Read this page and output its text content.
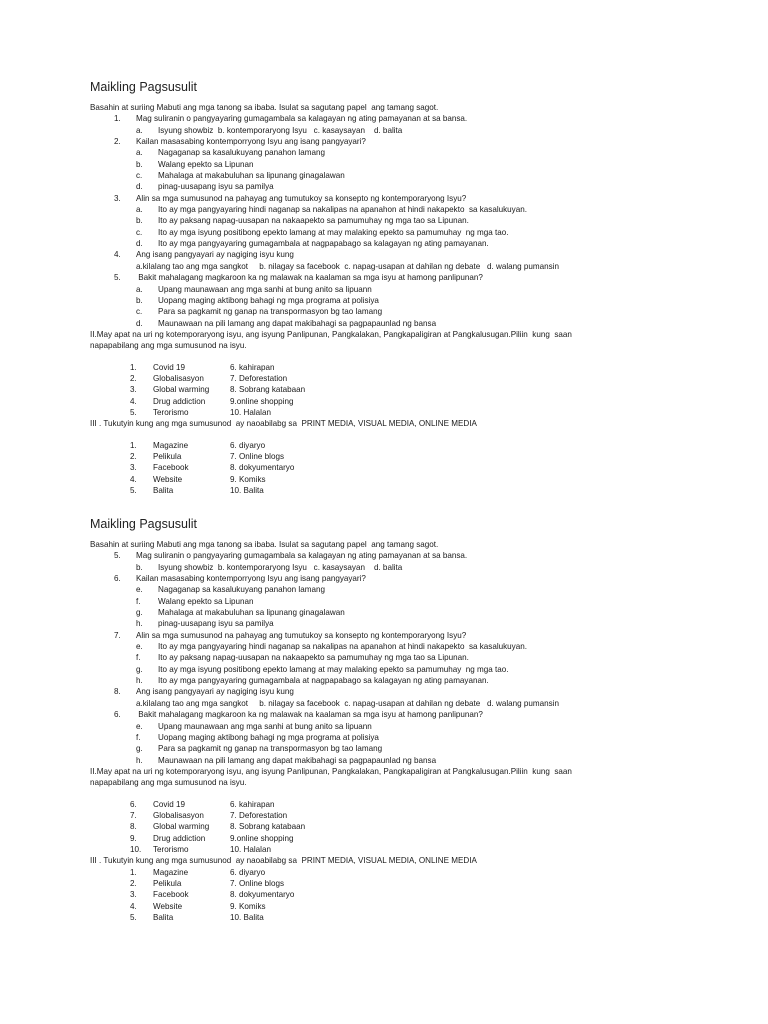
Maikling Pagsusulit
Basahin at suriing Mabuti ang mga tanong sa ibaba. Isulat sa sagutang papel  ang tamang sagot.
1. Mag suliranin o pangyayaring gumagambala sa kalagayan ng ating pamayanan at sa bansa.
a. Isyung showbiz  b. kontemporaryong Isyu   c. kasaysayan    d. balita
2. Kailan masasabing kontemporryong Isyu ang isang pangyayari?
a. Nagaganap sa kasalukuyang panahon lamang
b. Walang epekto sa Lipunan
c. Mahalaga at makabuluhan sa lipunang ginagalawan
d. pinag-uusapang isyu sa pamilya
3. Alin sa mga sumusunod na pahayag ang tumutukoy sa konsepto ng kontemporaryong Isyu?
a. Ito ay mga pangyayaring hindi naganap sa nakalipas na apanahon at hindi nakapekto  sa kasalukuyan.
b. Ito ay paksang napag-uusapan na nakaapekto sa pamumuhay ng mga tao sa Lipunan.
c. Ito ay mga isyung positibong epekto lamang at may malaking epekto sa pamumuhay  ng mga tao.
d. Ito ay mga pangyayaring gumagambala at nagpapabago sa kalagayan ng ating pamayanan.
4. Ang isang pangyayari ay nagiging isyu kung
a.kilalang tao ang mga sangkot     b. nilagay sa facebook  c. napag-usapan at dahilan ng debate   d. walang pumansin
5. Bakit mahalagang magkaroon ka ng malawak na kaalaman sa mga isyu at hamong panlipunan?
a. Upang maunawaan ang mga sanhi at bung anito sa lipuann
b. Uopang maging aktibong bahagi ng mga programa at polisiya
c. Para sa pagkamit ng ganap na transpormasyon bg tao lamang
d. Maunawaan na pili lamang ang dapat makibahagi sa pagpapaunlad ng bansa
II.May apat na uri ng kotemporaryong isyu, ang isyung Panlipunan, Pangkalakan, Pangkapaligiran at Pangkalusugan.Piliin  kung  saan
napapabilang ang mga sumusunod na isyu.
1. Covid 19	6. kahirapan
2. Globalisasyon	7. Deforestation
3. Global warming	8. Sobrang katabaan
4. Drug addiction	9.online shopping
5. Terorismo	10. Halalan
III . Tukutyin kung ang mga sumusunod  ay naoabilabg sa  PRINT MEDIA, VISUAL MEDIA, ONLINE MEDIA
1. Magazine	6. diyaryo
2. Pelikula	7. Online blogs
3. Facebook	8. dokyumentaryo
4. Website	9. Komiks
5. Balita	10. Balita
Maikling Pagsusulit
Basahin at suriing Mabuti ang mga tanong sa ibaba. Isulat sa sagutang papel  ang tamang sagot.
5. Mag suliranin o pangyayaring gumagambala sa kalagayan ng ating pamayanan at sa bansa.
b. Isyung showbiz  b. kontemporaryong Isyu   c. kasaysayan    d. balita
6. Kailan masasabing kontemporryong Isyu ang isang pangyayari?
e. Nagaganap sa kasalukuyang panahon lamang
f. Walang epekto sa Lipunan
g. Mahalaga at makabuluhan sa lipunang ginagalawan
h. pinag-uusapang isyu sa pamilya
7. Alin sa mga sumusunod na pahayag ang tumutukoy sa konsepto ng kontemporaryong Isyu?
e. Ito ay mga pangyayaring hindi naganap sa nakalipas na apanahon at hindi nakapekto  sa kasalukuyan.
f. Ito ay paksang napag-uusapan na nakaapekto sa pamumuhay ng mga tao sa Lipunan.
g. Ito ay mga isyung positibong epekto lamang at may malaking epekto sa pamumuhay  ng mga tao.
h. Ito ay mga pangyayaring gumagambala at nagpapabago sa kalagayan ng ating pamayanan.
8. Ang isang pangyayari ay nagiging isyu kung
a.kilalang tao ang mga sangkot     b. nilagay sa facebook  c. napag-usapan at dahilan ng debate   d. walang pumansin
6. Bakit mahalagang magkaroon ka ng malawak na kaalaman sa mga isyu at hamong panlipunan?
e. Upang maunawaan ang mga sanhi at bung anito sa lipuann
f. Uopang maging aktibong bahagi ng mga programa at polisiya
g. Para sa pagkamit ng ganap na transpormasyon bg tao lamang
h. Maunawaan na pili lamang ang dapat makibahagi sa pagpapaunlad ng bansa
II.May apat na uri ng kotemporaryong isyu, ang isyung Panlipunan, Pangkalakan, Pangkapaligiran at Pangkalusugan.Piliin  kung  saan
napapabilang ang mga sumusunod na isyu.
6. Covid 19	6. kahirapan
7. Globalisasyon	7. Deforestation
8. Global warming	8. Sobrang katabaan
9. Drug addiction	9.online shopping
10. Terorismo	10. Halalan
III . Tukutyin kung ang mga sumusunod  ay naoabilabg sa  PRINT MEDIA, VISUAL MEDIA, ONLINE MEDIA
1. Magazine	6. diyaryo
2. Pelikula	7. Online blogs
3. Facebook	8. dokyumentaryo
4. Website	9. Komiks
5. Balita	10. Balita
